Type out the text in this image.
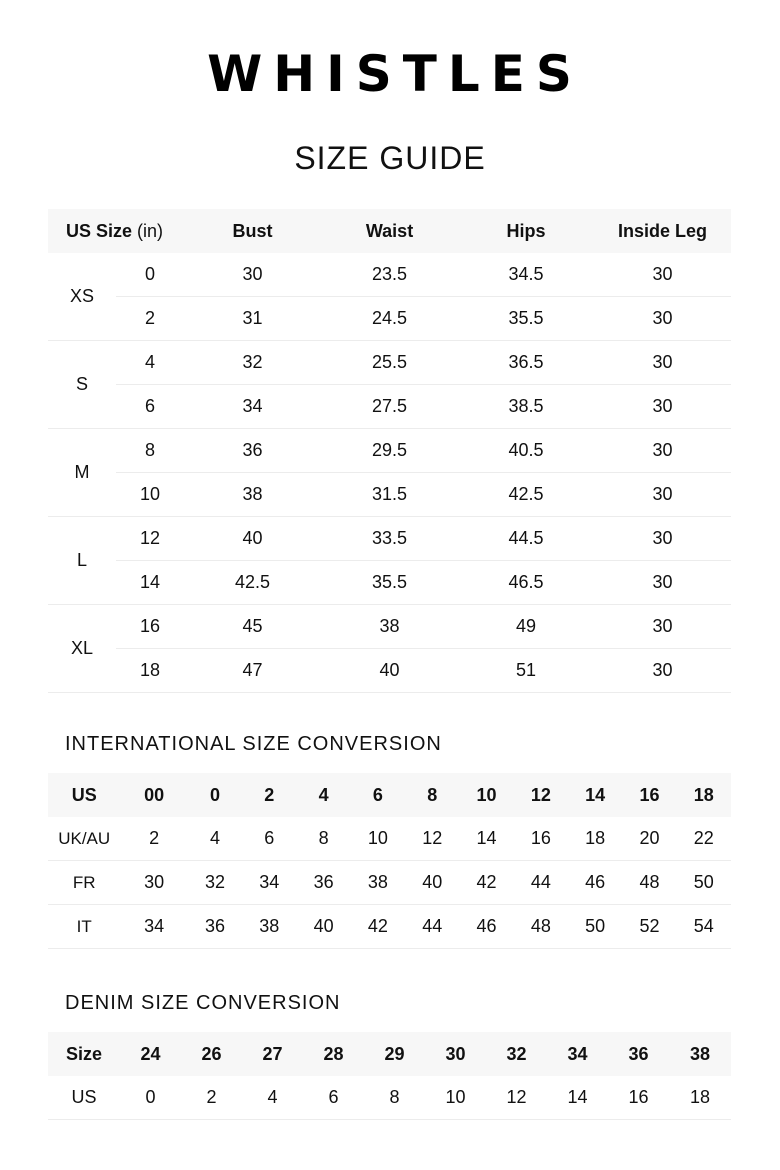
WHISTLES
SIZE GUIDE
US Size (in)		Bust	Waist	Hips	Inside Leg
XS	0	30	23.5	34.5	30
	2	31	24.5	35.5	30
S	4	32	25.5	36.5	30
	6	34	27.5	38.5	30
M	8	36	29.5	40.5	30
	10	38	31.5	42.5	30
L	12	40	33.5	44.5	30
	14	42.5	35.5	46.5	30
XL	16	45	38	49	30
	18	47	40	51	30
INTERNATIONAL SIZE CONVERSION
US	00	0	2	4	6	8	10	12	14	16	18
UK/AU	2	4	6	8	10	12	14	16	18	20	22
FR	30	32	34	36	38	40	42	44	46	48	50
IT	34	36	38	40	42	44	46	48	50	52	54
DENIM SIZE CONVERSION
Size	24	26	27	28	29	30	32	34	36	38
US	0	2	4	6	8	10	12	14	16	18
